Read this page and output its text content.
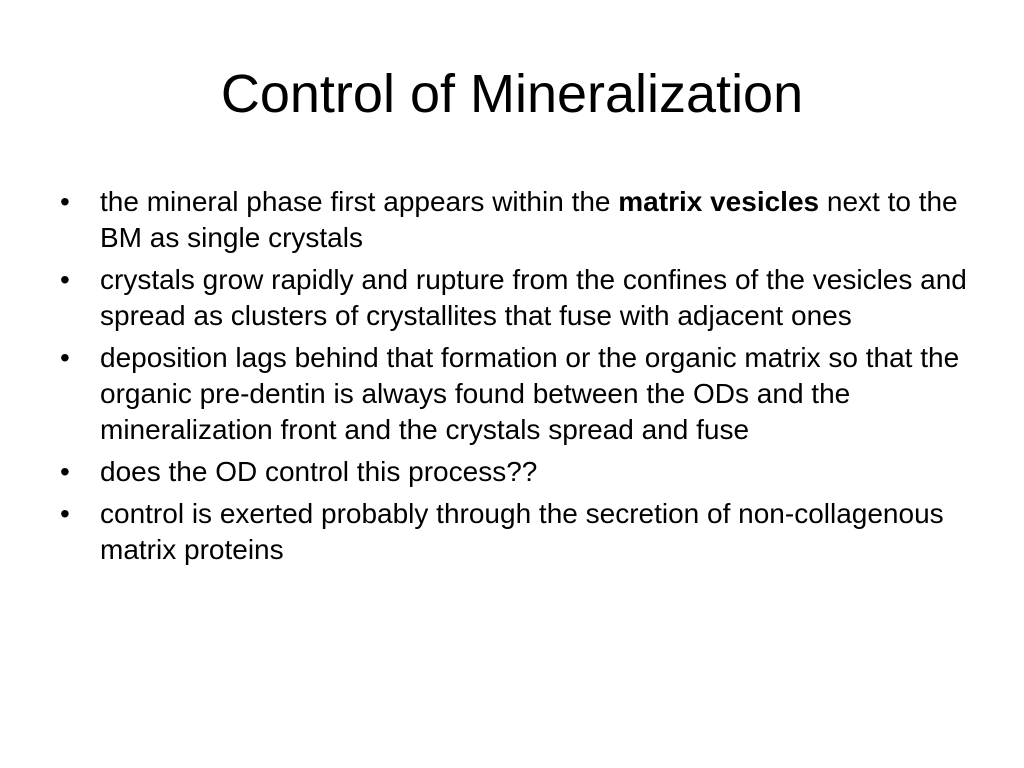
Control of Mineralization
•	the mineral phase first appears within the matrix vesicles next to the BM as single crystals
•	crystals grow rapidly and rupture from the confines of the vesicles and spread as clusters of crystallites that fuse with adjacent ones
•	deposition lags behind that formation or the organic matrix so that the organic pre-dentin is always found between the ODs and the mineralization front and the crystals spread and fuse
•	does the OD control this process??
•	control is exerted probably through the secretion of non-collagenous matrix proteins
